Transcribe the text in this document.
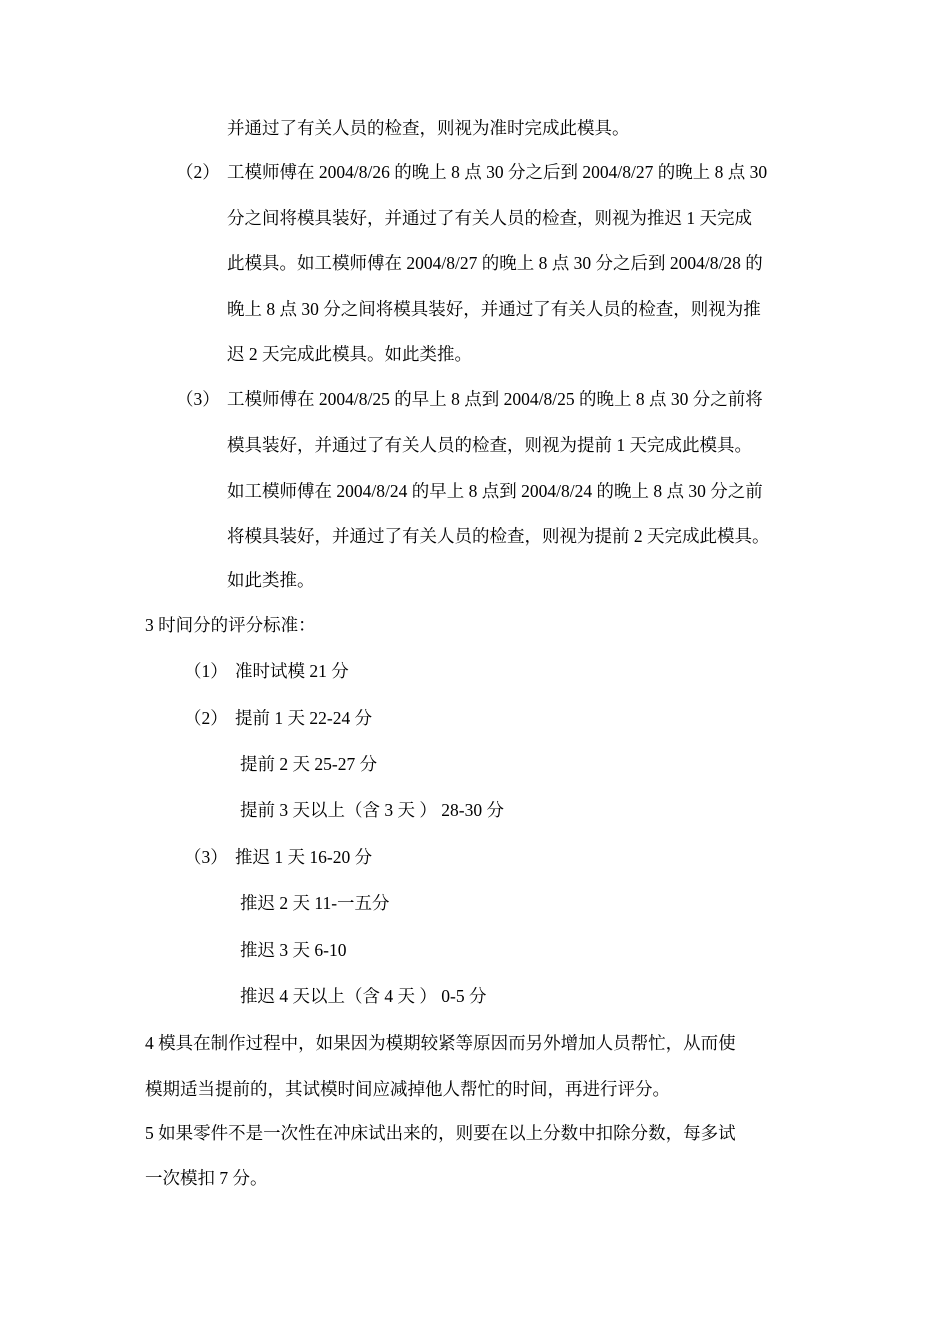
并通过了有关人员的检查，则视为准时完成此模具。
（2） 工模师傅在 2004/8/26 的晚上 8 点 30 分之后到 2004/8/27 的晚上 8 点 30
分之间将模具装好，并通过了有关人员的检查，则视为推迟 1 天完成
此模具。如工模师傅在 2004/8/27 的晚上 8 点 30 分之后到 2004/8/28 的
晚上 8 点 30 分之间将模具装好，并通过了有关人员的检查，则视为推
迟 2 天完成此模具。如此类推。
（3） 工模师傅在 2004/8/25 的早上 8 点到 2004/8/25 的晚上 8 点 30 分之前将
模具装好，并通过了有关人员的检查，则视为提前 1 天完成此模具。
如工模师傅在 2004/8/24 的早上 8 点到 2004/8/24 的晚上 8 点 30 分之前
将模具装好，并通过了有关人员的检查，则视为提前 2 天完成此模具。
如此类推。
3 时间分的评分标准：
（1） 准时试模 21 分
（2） 提前 1 天 22-24 分
提前 2 天 25-27 分
提前 3 天以上（含 3 天 ） 28-30 分
（3） 推迟 1 天 16-20 分
推迟 2 天 11-一五分
推迟 3 天 6-10
推迟 4 天以上（含 4 天 ） 0-5 分
4 模具在制作过程中，如果因为模期较紧等原因而另外增加人员帮忙，从而使
模期适当提前的，其试模时间应减掉他人帮忙的时间，再进行评分。
5 如果零件不是一次性在冲床试出来的，则要在以上分数中扣除分数，每多试
一次模扣 7 分。
